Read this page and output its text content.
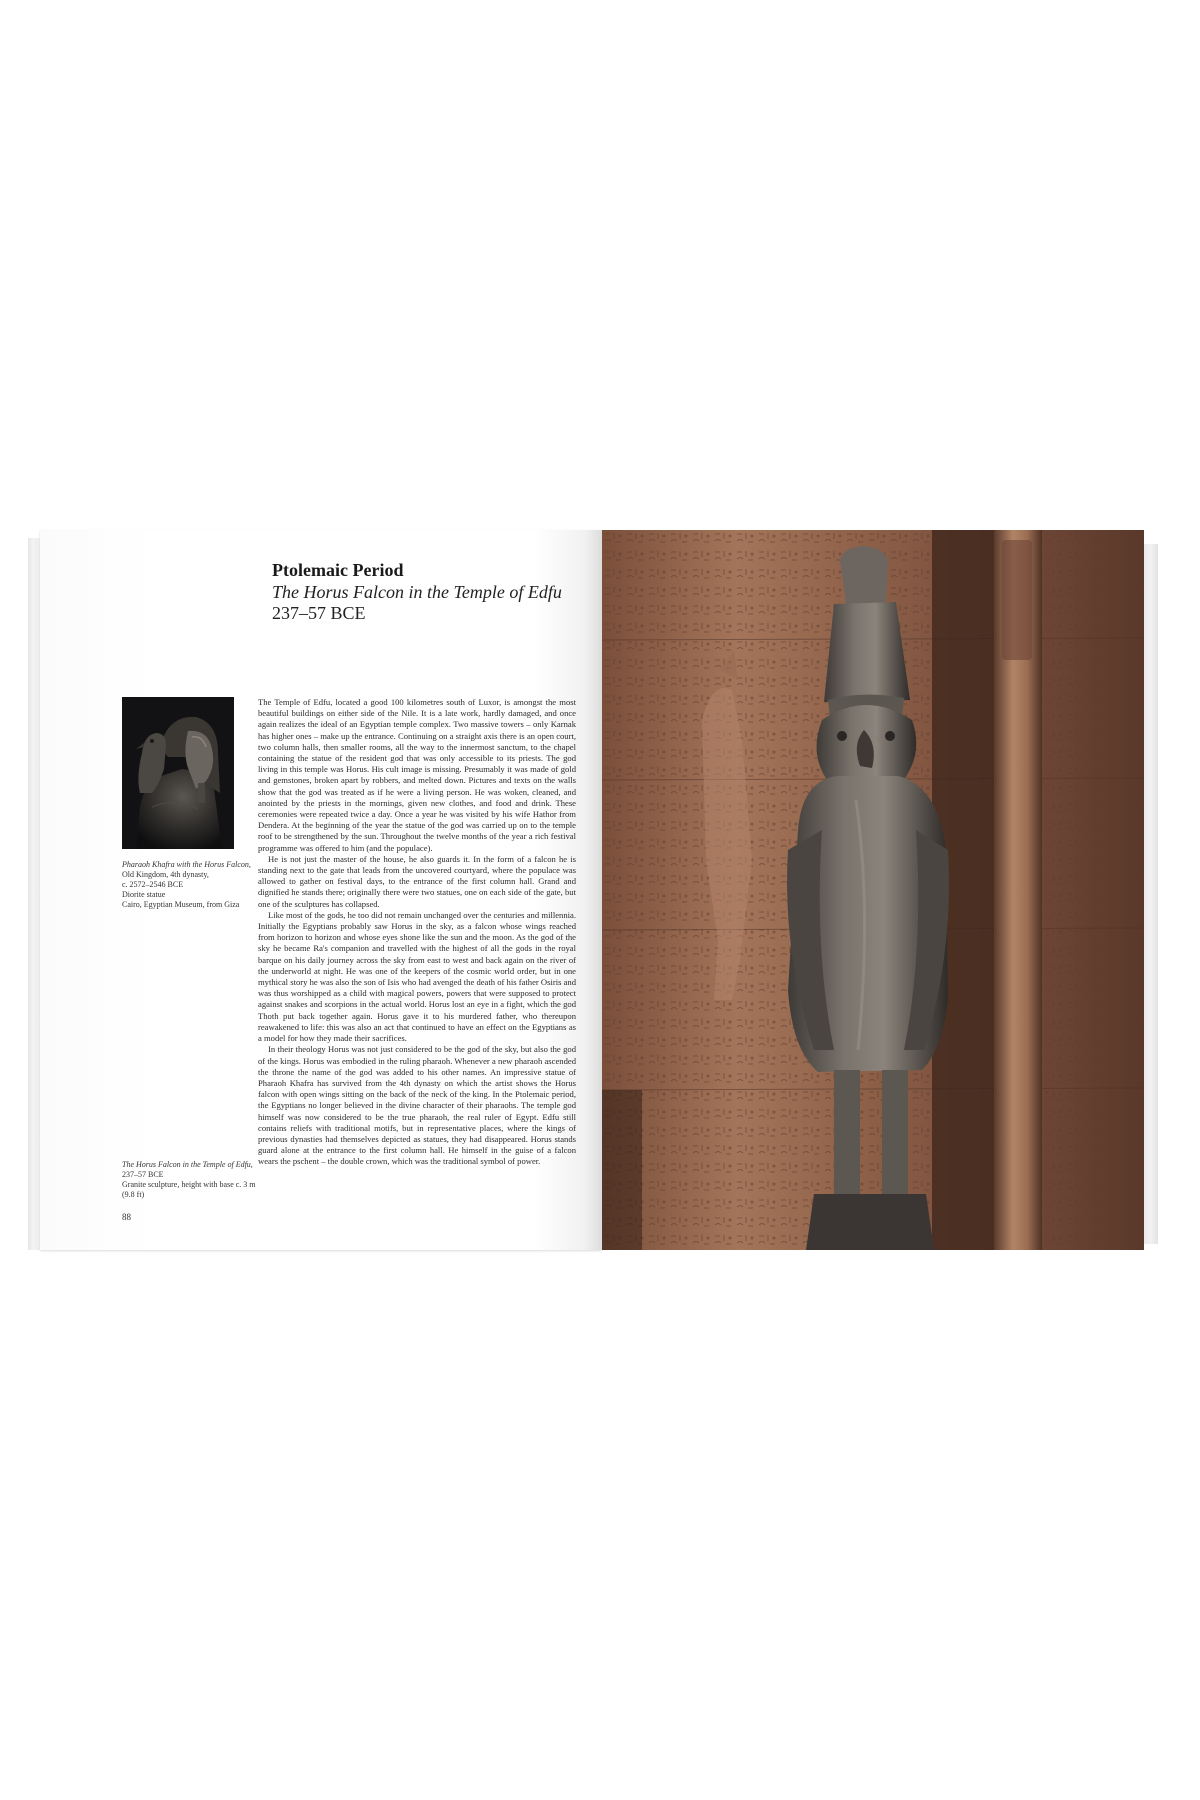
Ptolemaic Period
The Horus Falcon in the Temple of Edfu
237–57 BCE
Pharaoh Khafra with the Horus Falcon,
Old Kingdom, 4th dynasty,
c. 2572–2546 BCE
Diorite statue
Cairo, Egyptian Museum, from Giza

The Temple of Edfu, located a good 100 kilometres south of Luxor, is amongst the most beautiful buildings on either side of the Nile. It is a late work, hardly damaged, and once again realizes the ideal of an Egyptian temple complex. Two massive towers – only Karnak has higher ones – make up the entrance. Continuing on a straight axis there is an open court, two column halls, then smaller rooms, all the way to the innermost sanctum, to the chapel containing the statue of the resident god that was only accessible to its priests. The god living in this temple was Horus. His cult image is missing. Presumably it was made of gold and gemstones, broken apart by robbers, and melted down. Pictures and texts on the walls show that the god was treated as if he were a living person. He was woken, cleaned, and anointed by the priests in the mornings, given new clothes, and food and drink. These ceremonies were repeated twice a day. Once a year he was visited by his wife Hathor from Dendera. At the beginning of the year the statue of the god was carried up on to the temple roof to be strengthened by the sun. Throughout the twelve months of the year a rich festival programme was offered to him (and the populace).

He is not just the master of the house, he also guards it. In the form of a falcon he is standing next to the gate that leads from the uncovered courtyard, where the populace was allowed to gather on festival days, to the entrance of the first column hall. Grand and dignified he stands there; originally there were two statues, one on each side of the gate, but one of the sculptures has collapsed.

Like most of the gods, he too did not remain unchanged over the centuries and millennia. Initially the Egyptians probably saw Horus in the sky, as a falcon whose wings reached from horizon to horizon and whose eyes shone like the sun and the moon. As the god of the sky he became Ra's companion and travelled with the highest of all the gods in the royal barque on his daily journey across the sky from east to west and back again on the river of the underworld at night. He was one of the keepers of the cosmic world order, but in one mythical story he was also the son of Isis who had avenged the death of his father Osiris and was thus worshipped as a child with magical powers, powers that were supposed to protect against snakes and scorpions in the actual world. Horus lost an eye in a fight, which the god Thoth put back together again. Horus gave it to his murdered father, who thereupon reawakened to life: this was also an act that continued to have an effect on the Egyptians as a model for how they made their sacrifices.

In their theology Horus was not just considered to be the god of the sky, but also the god of the kings. Horus was embodied in the ruling pharaoh. Whenever a new pharaoh ascended the throne the name of the god was added to his other names. An impressive statue of Pharaoh Khafra has survived from the 4th dynasty on which the artist shows the Horus falcon with open wings sitting on the back of the neck of the king. In the Ptolemaic period, the Egyptians no longer believed in the divine character of their pharaohs. The temple god himself was now considered to be the true pharaoh, the real ruler of Egypt. Edfu still contains reliefs with traditional motifs, but in representative places, where the kings of previous dynasties had themselves depicted as statues, they had disappeared. Horus stands guard alone at the entrance to the first column hall. He himself in the guise of a falcon wears the pschent – the double crown, which was the traditional symbol of power.

The Horus Falcon in the Temple of Edfu,
237–57 BCE
Granite sculpture, height with base c. 3 m (9.8 ft)
88
